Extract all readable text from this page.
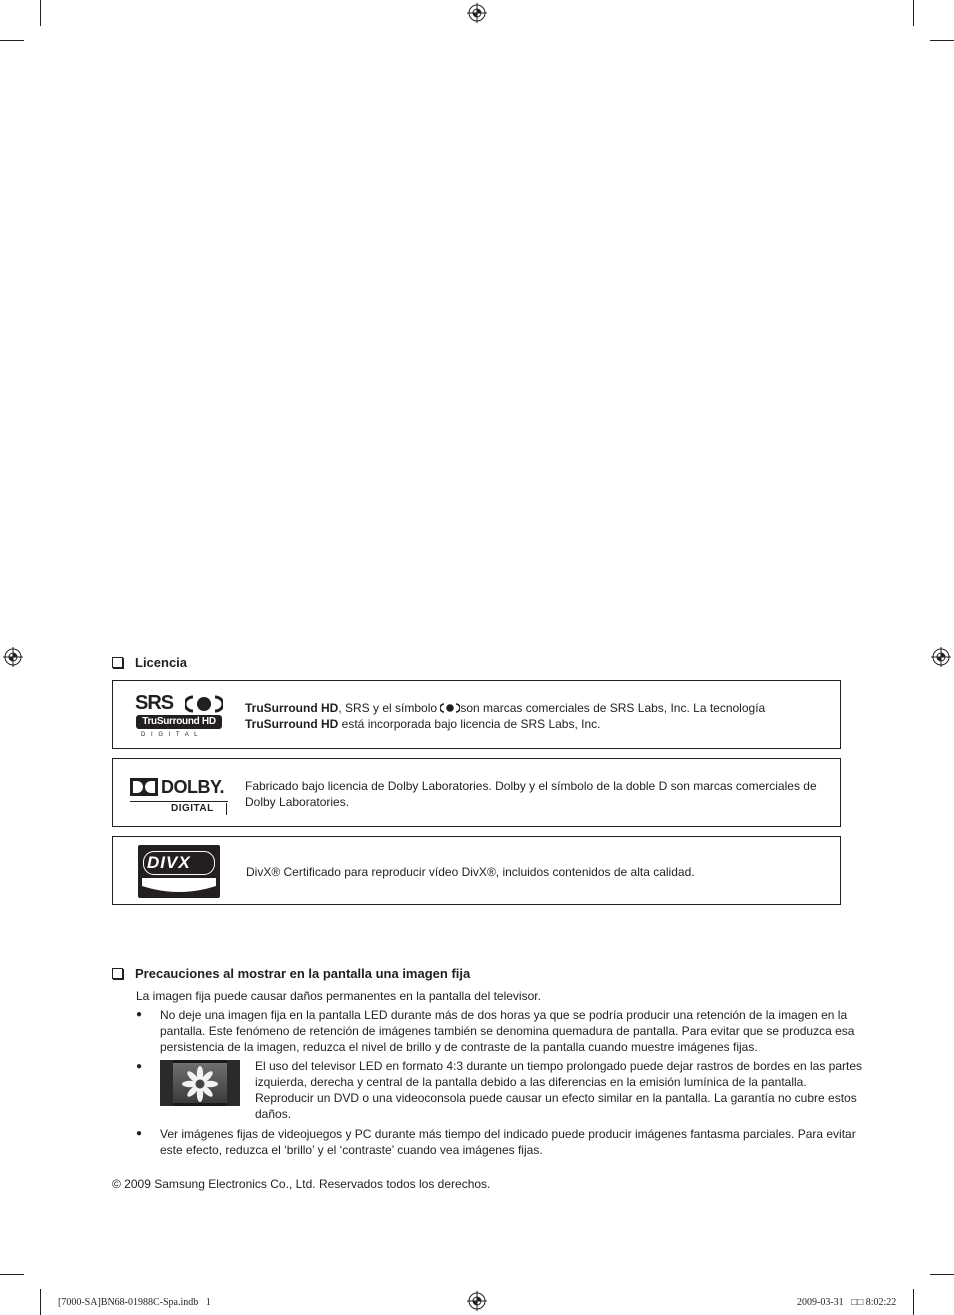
Licencia
SRS
TruSurround HD
D I G I T A L
TruSurround HD, SRS y el símbolo son marcas comerciales de SRS Labs, Inc. La tecnología
TruSurround HD está incorporada bajo licencia de SRS Labs, Inc.
DOLBY.
DIGITAL
Fabricado bajo licencia de Dolby Laboratories. Dolby y el símbolo de la doble D son marcas comerciales de
Dolby Laboratories.
DIVX	DivX® Certificado para reproducir vídeo DivX®, incluidos contenidos de alta calidad.
Precauciones al mostrar en la pantalla una imagen fija
La imagen fija puede causar daños permanentes en la pantalla del televisor.
● No deje una imagen fija en la pantalla LED durante más de dos horas ya que se podría producir una retención de la imagen en la
pantalla. Este fenómeno de retención de imágenes también se denomina quemadura de pantalla. Para evitar que se produzca esa
persistencia de la imagen, reduzca el nivel de brillo y de contraste de la pantalla cuando muestre imágenes fijas.
●	El uso del televisor LED en formato 4:3 durante un tiempo prolongado puede dejar rastros de bordes en las partes
izquierda, derecha y central de la pantalla debido a las diferencias en la emisión lumínica de la pantalla.
Reproducir un DVD o una videoconsola puede causar un efecto similar en la pantalla. La garantía no cubre estos
daños.
● Ver imágenes fijas de videojuegos y PC durante más tiempo del indicado puede producir imágenes fantasma parciales. Para evitar
este efecto, reduzca el ‘brillo’ y el ‘contraste’ cuando vea imágenes fijas.
© 2009 Samsung Electronics Co., Ltd. Reservados todos los derechos.
[7000-SA]BN68-01988C-Spa.indb   1	2009-03-31   □□ 8:02:22
